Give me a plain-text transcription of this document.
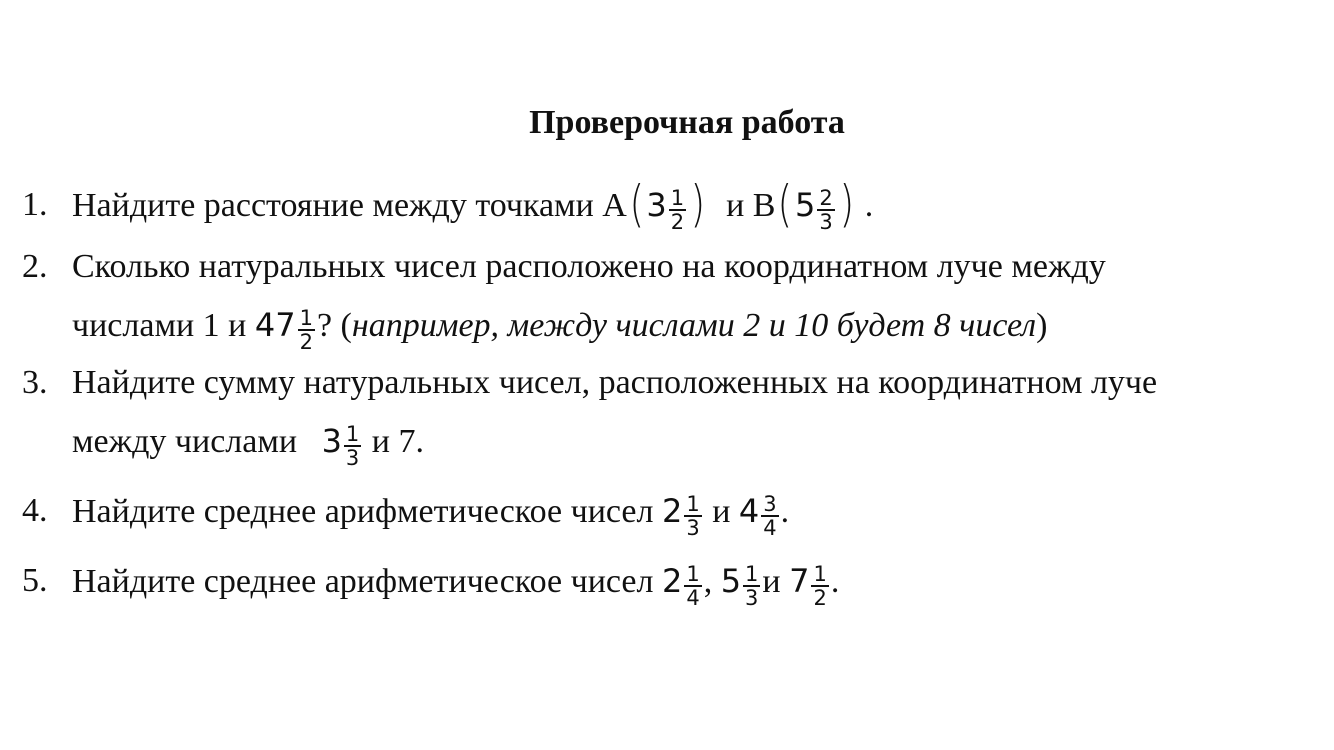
Проверочная работа
1. Найдите расстояние между точками $А(3 \frac{1}{2}$ ) и $В(5 \frac{2}{3}$ ) .
2. Сколько натуральных чисел расположено на координатном луче между
числами 1 и $47 \frac{1}{2}$ ? (например, между числами 2 и 10 будет 8 чисел)
3. Найдите сумму натуральных чисел, расположенных на координатном луче
между числами $3 \frac{1}{3}$ и 7.
4. Найдите среднее арифметическое чисел $2 \frac{1}{3}$ и $4 \frac{3}{4}$ .
5. Найдите среднее арифметическое чисел $2 \frac{1}{4}$ , $5 \frac{1}{3}$ и $7 \frac{1}{2}$ .
